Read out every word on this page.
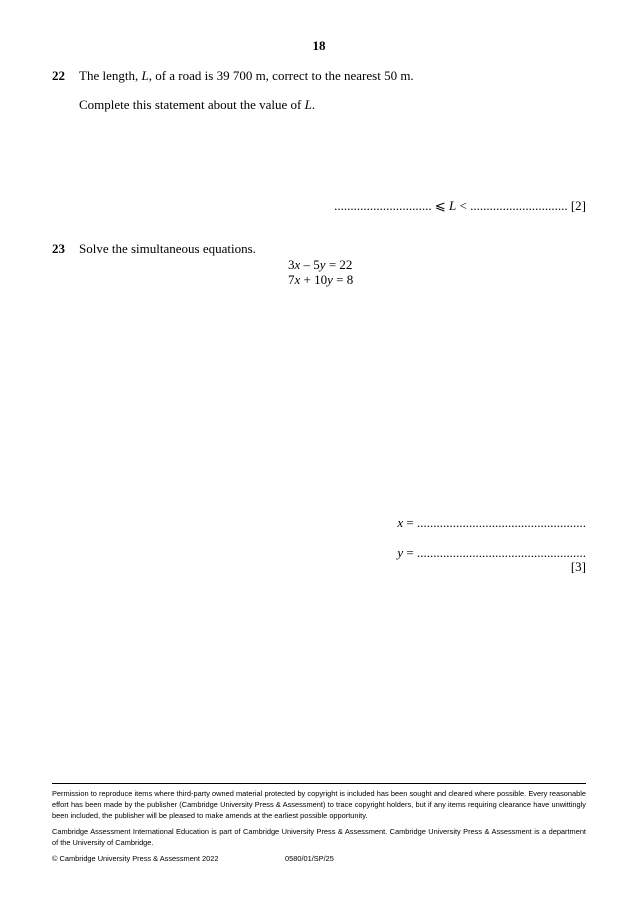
18
22 The length, L, of a road is 39 700 m, correct to the nearest 50 m.
Complete this statement about the value of L.
.............................. ⩽ L < .............................. [2]
23 Solve the simultaneous equations.
3x – 5y = 22
7x + 10y = 8
x = ....................................................
y = ....................................................
[3]
Permission to reproduce items where third-party owned material protected by copyright is included has been sought and cleared where possible. Every reasonable effort has been made by the publisher (Cambridge University Press & Assessment) to trace copyright holders, but if any items requiring clearance have unwittingly been included, the publisher will be pleased to make amends at the earliest possible opportunity.
Cambridge Assessment International Education is part of Cambridge University Press & Assessment. Cambridge University Press & Assessment is a department of the University of Cambridge.
© Cambridge University Press & Assessment 2022	0580/01/SP/25
